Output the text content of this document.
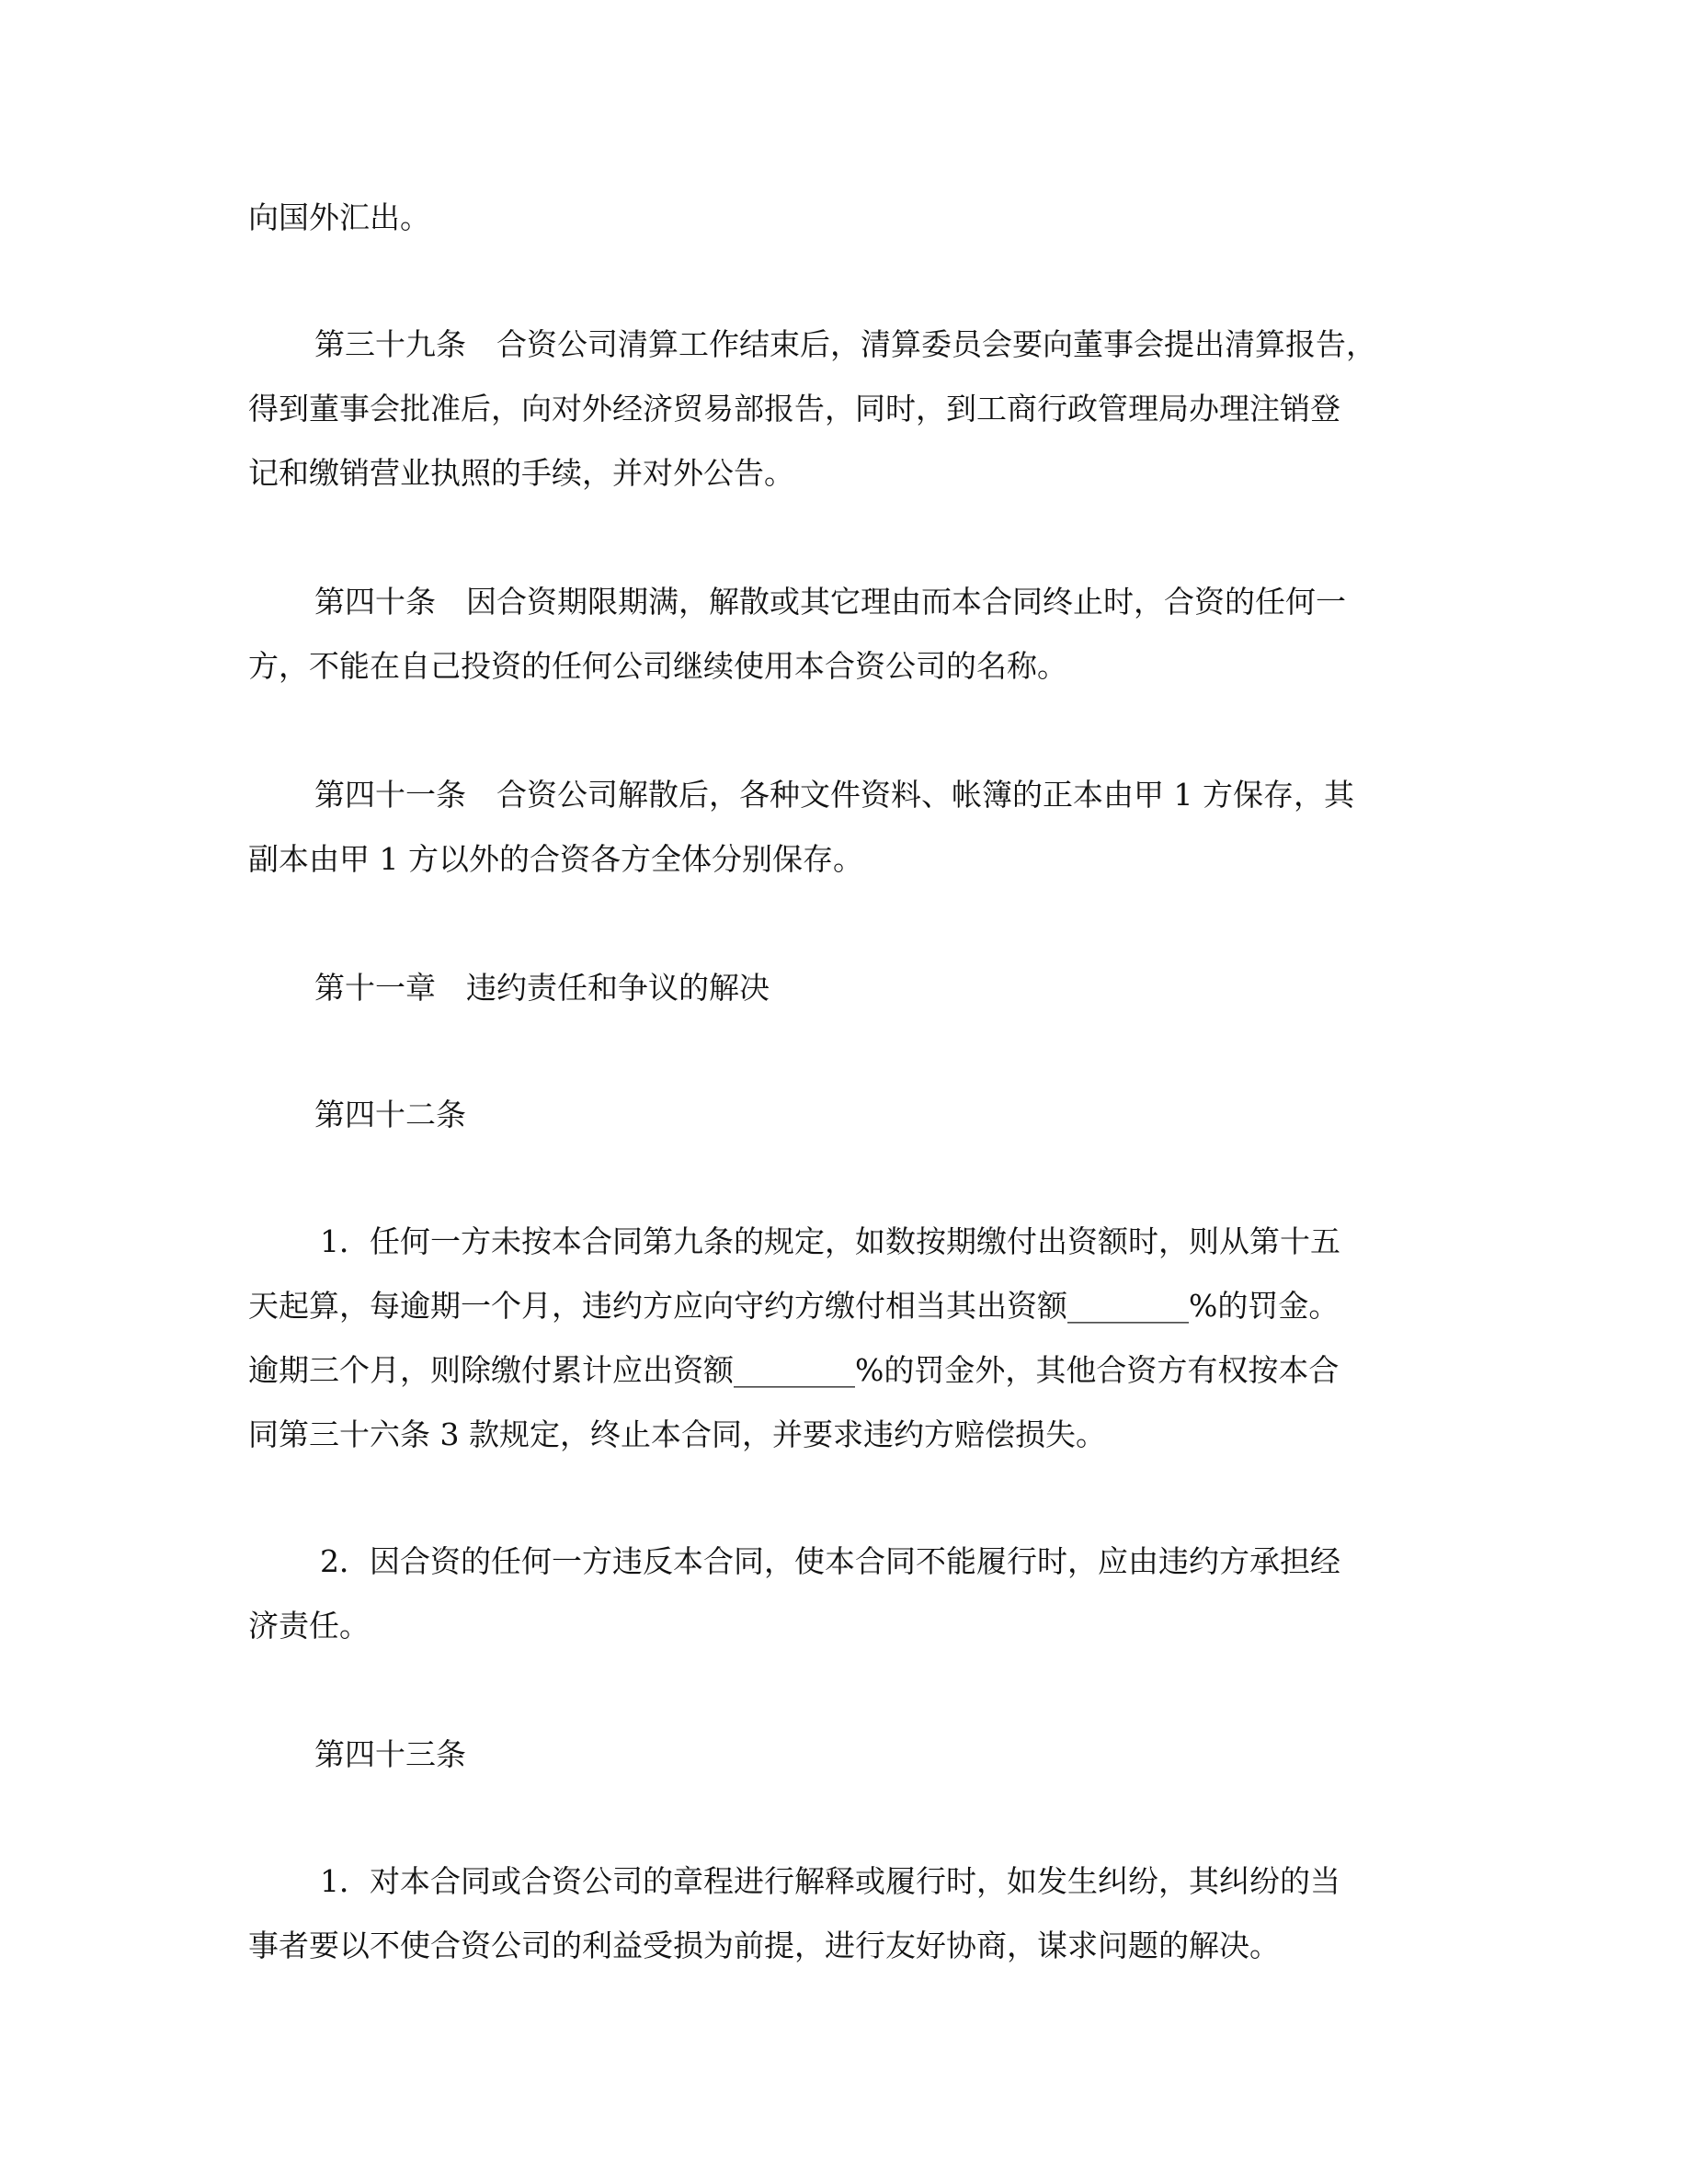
向国外汇出。

第三十九条　合资公司清算工作结束后，清算委员会要向董事会提出清算报告，
得到董事会批准后，向对外经济贸易部报告，同时，到工商行政管理局办理注销登
记和缴销营业执照的手续，并对外公告。

第四十条　因合资期限期满，解散或其它理由而本合同终止时，合资的任何一
方，不能在自己投资的任何公司继续使用本合资公司的名称。

第四十一条　合资公司解散后，各种文件资料、帐簿的正本由甲 1 方保存，其
副本由甲 1 方以外的合资各方全体分别保存。

第十一章　违约责任和争议的解决

第四十二条

1．任何一方未按本合同第九条的规定，如数按期缴付出资额时，则从第十五
天起算，每逾期一个月，违约方应向守约方缴付相当其出资额________%的罚金。
逾期三个月，则除缴付累计应出资额________%的罚金外，其他合资方有权按本合
同第三十六条 3 款规定，终止本合同，并要求违约方赔偿损失。

2．因合资的任何一方违反本合同，使本合同不能履行时，应由违约方承担经
济责任。

第四十三条

1．对本合同或合资公司的章程进行解释或履行时，如发生纠纷，其纠纷的当
事者要以不使合资公司的利益受损为前提，进行友好协商，谋求问题的解决。
